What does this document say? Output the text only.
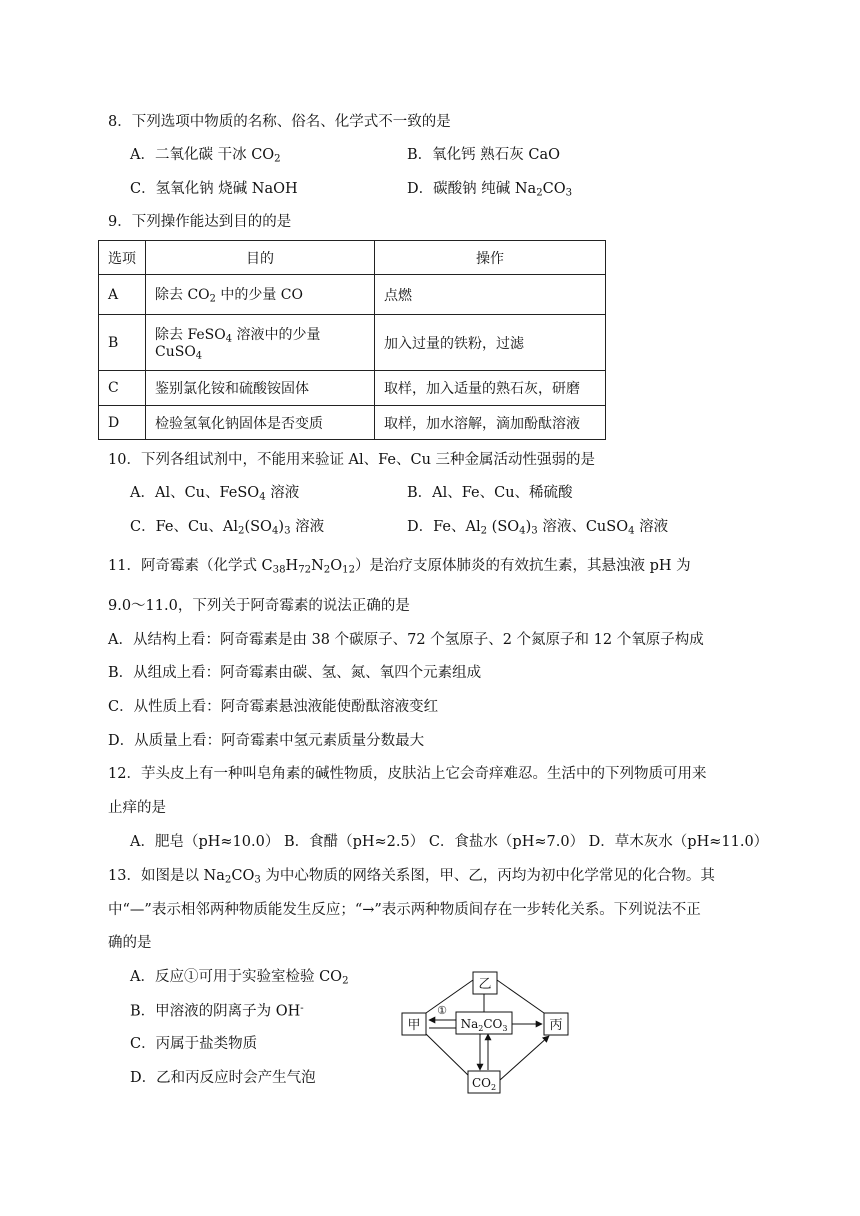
8．下列选项中物质的名称、俗名、化学式不一致的是
A．二氧化碳 干冰 $CO_2$	B．氧化钙 熟石灰 CaO
C．氢氧化钠 烧碱 NaOH	D．碳酸钠 纯碱 $Na_2CO_3$
9．下列操作能达到目的的是
选项	目的	操作
A	除去 $CO_2$ 中的少量 CO	点燃
B	除去 FeSO$_4$ 溶液中的少量 CuSO$_4$	加入过量的铁粉，过滤
C	鉴别氯化铵和硫酸铵固体	取样，加入适量的熟石灰，研磨
D	检验氢氧化钠固体是否变质	取样，加水溶解，滴加酚酞溶液
10．下列各组试剂中，不能用来验证 Al、Fe、Cu 三种金属活动性强弱的是
A．Al、Cu、FeSO$_4$ 溶液	B．Al、Fe、Cu、稀硫酸
C．Fe、Cu、$Al_2(SO_4)_3$ 溶液	D．Fe、$Al_2$ $(SO_4)_3$ 溶液、CuSO$_4$ 溶液
11．阿奇霉素（化学式 $C_{38}H_{72}N_2O_{12}$）是治疗支原体肺炎的有效抗生素，其悬浊液 pH 为
9.0～11.0，下列关于阿奇霉素的说法正确的是
A．从结构上看：阿奇霉素是由 38 个碳原子、72 个氢原子、2 个氮原子和 12 个氧原子构成
B．从组成上看：阿奇霉素由碳、氢、氮、氧四个元素组成
C．从性质上看：阿奇霉素悬浊液能使酚酞溶液变红
D．从质量上看：阿奇霉素中氢元素质量分数最大
12．芋头皮上有一种叫皂角素的碱性物质，皮肤沾上它会奇痒难忍。生活中的下列物质可用来
止痒的是
A．肥皂（pH≈10.0） B．食醋（pH≈2.5） C．食盐水（pH≈7.0） D．草木灰水（pH≈11.0）
13．如图是以 $Na_2CO_3$ 为中心物质的网络关系图，甲、乙，丙均为初中化学常见的化合物。其
中“—”表示相邻两种物质能发生反应；“→”表示两种物质间存在一步转化关系。下列说法不正
确的是
A．反应①可用于实验室检验 $CO_2$
B．甲溶液的阴离子为 OH-
C．丙属于盐类物质
D．乙和丙反应时会产生气泡
乙
甲	丙
$Na_2CO_3$
$CO_2$
①
